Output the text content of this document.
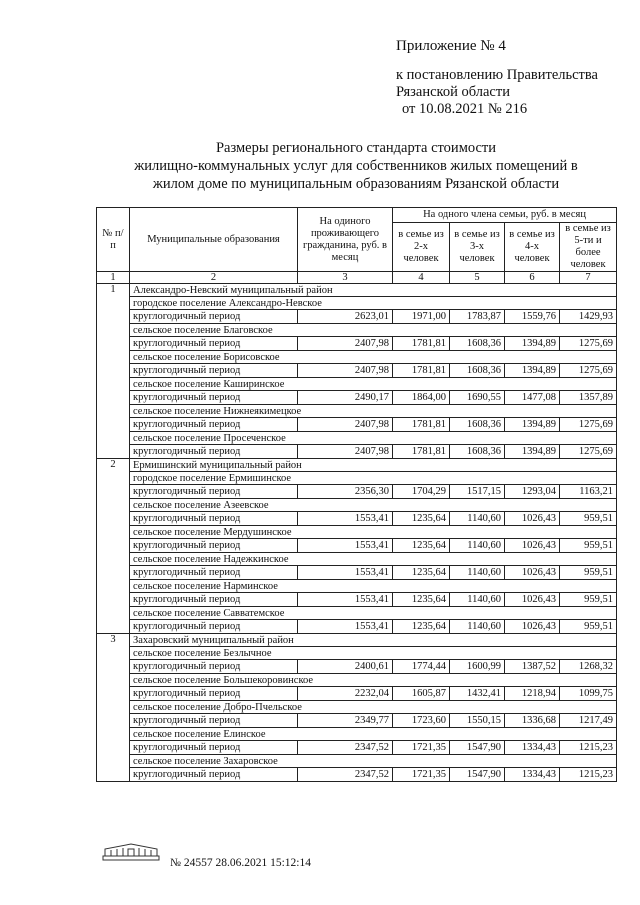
Приложение № 4
к постановлению Правительства
Рязанской области
от 10.08.2021 № 216
Размеры регионального стандарта стоимости
жилищно-коммунальных услуг для собственников жилых помещений в
жилом доме по муниципальным образованиям Рязанской области
№ п/п	Муниципальные образования	На одиного проживающего гражданина, руб. в месяц	На одного члена семьи, руб. в месяц			
			в семье из 2-х человек	в семье из 3-х человек	в семье из 4-х человек	в семье из 5-ти и более человек
1	2	3	4	5	6	7
1	Александро-Невский муниципальный район					
	городское поселение Александро-Невское					
	круглогодичный период	2623,01	1971,00	1783,87	1559,76	1429,93
	сельское поселение Благовское					
	круглогодичный период	2407,98	1781,81	1608,36	1394,89	1275,69
	сельское поселение Борисовское					
	круглогодичный период	2407,98	1781,81	1608,36	1394,89	1275,69
	сельское поселение Каширинское					
	круглогодичный период	2490,17	1864,00	1690,55	1477,08	1357,89
	сельское поселение Нижнеякимецкое					
	круглогодичный период	2407,98	1781,81	1608,36	1394,89	1275,69
	сельское поселение Просеченское					
	круглогодичный период	2407,98	1781,81	1608,36	1394,89	1275,69
2	Ермишинский муниципальный район					
	городское поселение Ермишинское					
	круглогодичный период	2356,30	1704,29	1517,15	1293,04	1163,21
	сельское поселение Азеевское					
	круглогодичный период	1553,41	1235,64	1140,60	1026,43	959,51
	сельское поселение Мердушинское					
	круглогодичный период	1553,41	1235,64	1140,60	1026,43	959,51
	сельское поселение Надежкинское					
	круглогодичный период	1553,41	1235,64	1140,60	1026,43	959,51
	сельское поселение Нарминское					
	круглогодичный период	1553,41	1235,64	1140,60	1026,43	959,51
	сельское поселение Савватемское					
	круглогодичный период	1553,41	1235,64	1140,60	1026,43	959,51
3	Захаровский муниципальный район					
	сельское поселение Безлычное					
	круглогодичный период	2400,61	1774,44	1600,99	1387,52	1268,32
	сельское поселение Большекоровинское					
	круглогодичный период	2232,04	1605,87	1432,41	1218,94	1099,75
	сельское поселение Добро-Пчельское					
	круглогодичный период	2349,77	1723,60	1550,15	1336,68	1217,49
	сельское поселение Елинское					
	круглогодичный период	2347,52	1721,35	1547,90	1334,43	1215,23
	сельское поселение Захаровское					
	круглогодичный период	2347,52	1721,35	1547,90	1334,43	1215,23
№ 24557 28.06.2021 15:12:14
